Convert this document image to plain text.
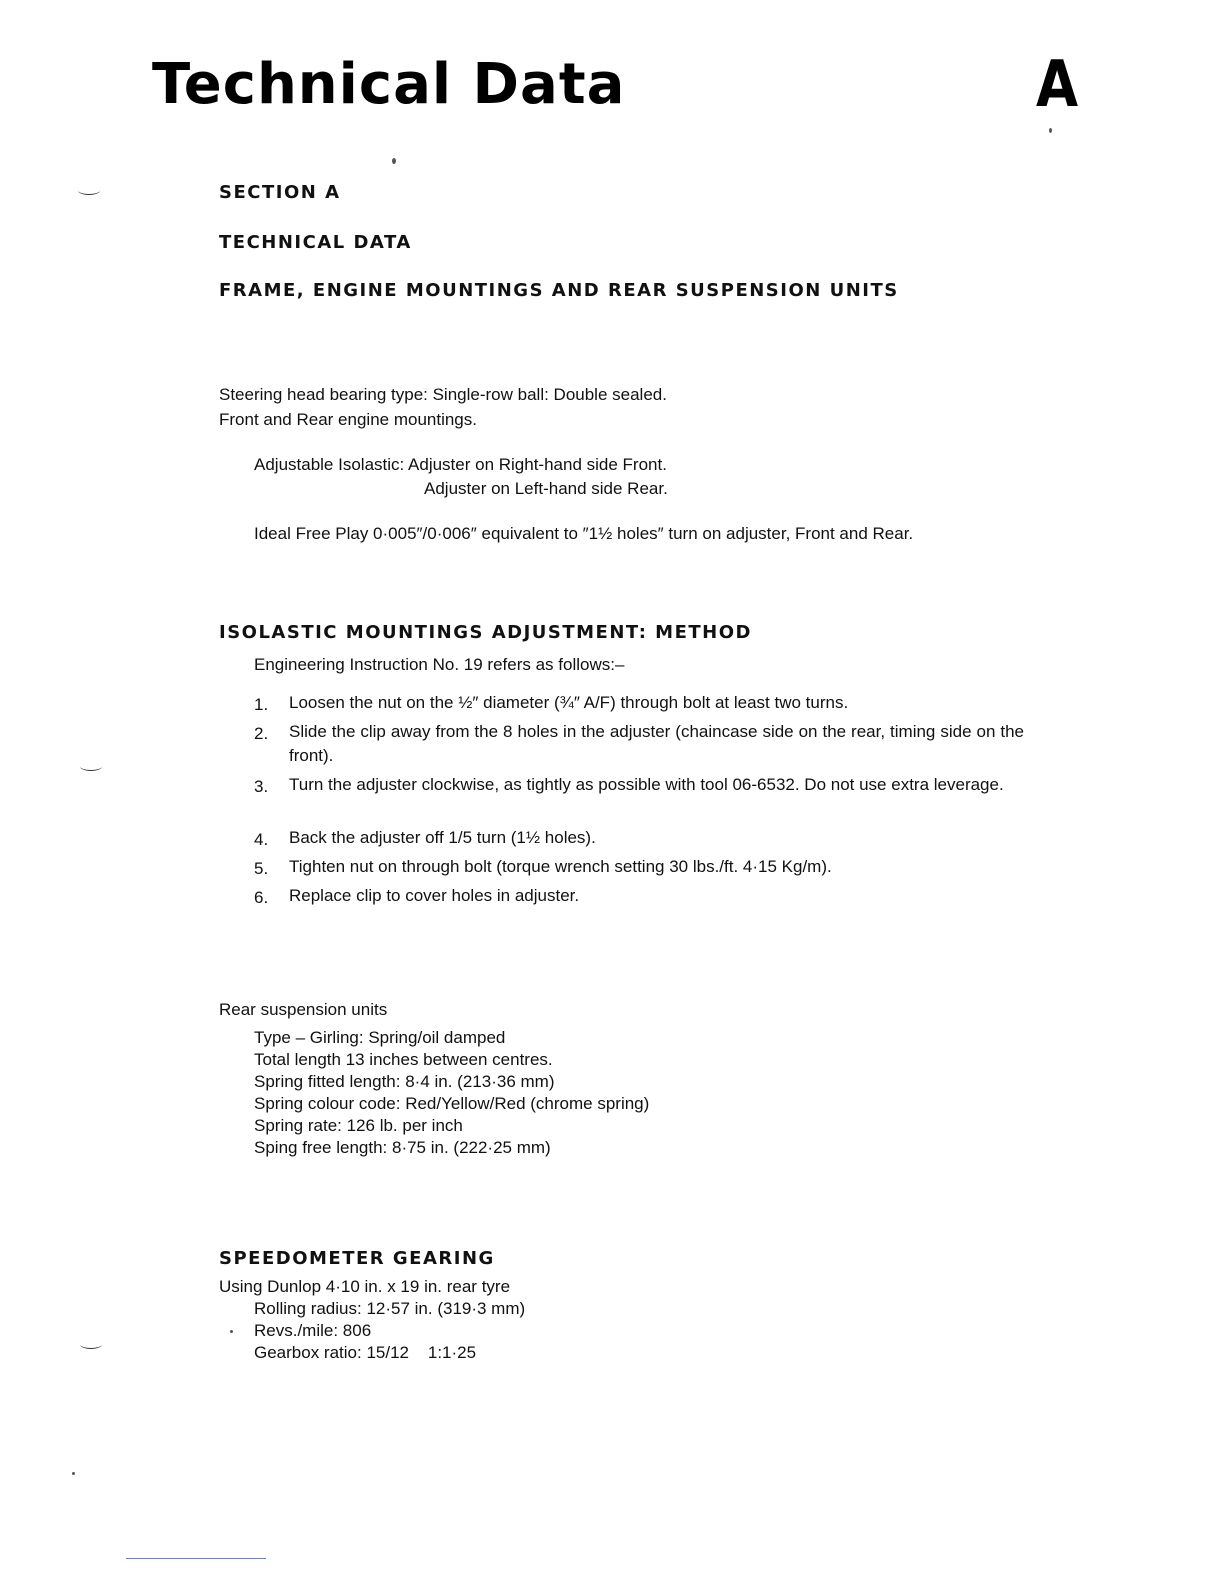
Technical Data	A
SECTION A
TECHNICAL DATA
FRAME, ENGINE MOUNTINGS AND REAR SUSPENSION UNITS
Steering head bearing type: Single-row ball: Double sealed.
Front and Rear engine mountings.
Adjustable Isolastic: Adjuster on Right-hand side Front.
Adjuster on Left-hand side Rear.
Ideal Free Play 0·005″/0·006″ equivalent to ″1½ holes″ turn on adjuster, Front and Rear.
ISOLASTIC MOUNTINGS ADJUSTMENT: METHOD
Engineering Instruction No. 19 refers as follows:–
1. Loosen the nut on the ½″ diameter (¾″ A/F) through bolt at least two turns.
2. Slide the clip away from the 8 holes in the adjuster (chaincase side on the rear, timing side on the front).
3. Turn the adjuster clockwise, as tightly as possible with tool 06-6532. Do not use extra leverage.
4. Back the adjuster off 1/5 turn (1½ holes).
5. Tighten nut on through bolt (torque wrench setting 30 lbs./ft. 4·15 Kg/m).
6. Replace clip to cover holes in adjuster.
Rear suspension units
Type – Girling: Spring/oil damped
Total length 13 inches between centres.
Spring fitted length: 8·4 in. (213·36 mm)
Spring colour code: Red/Yellow/Red (chrome spring)
Spring rate: 126 lb. per inch
Sping free length: 8·75 in. (222·25 mm)
SPEEDOMETER GEARING
Using Dunlop 4·10 in. x 19 in. rear tyre
Rolling radius: 12·57 in. (319·3 mm)
Revs./mile: 806
Gearbox ratio: 15/12    1:1·25
